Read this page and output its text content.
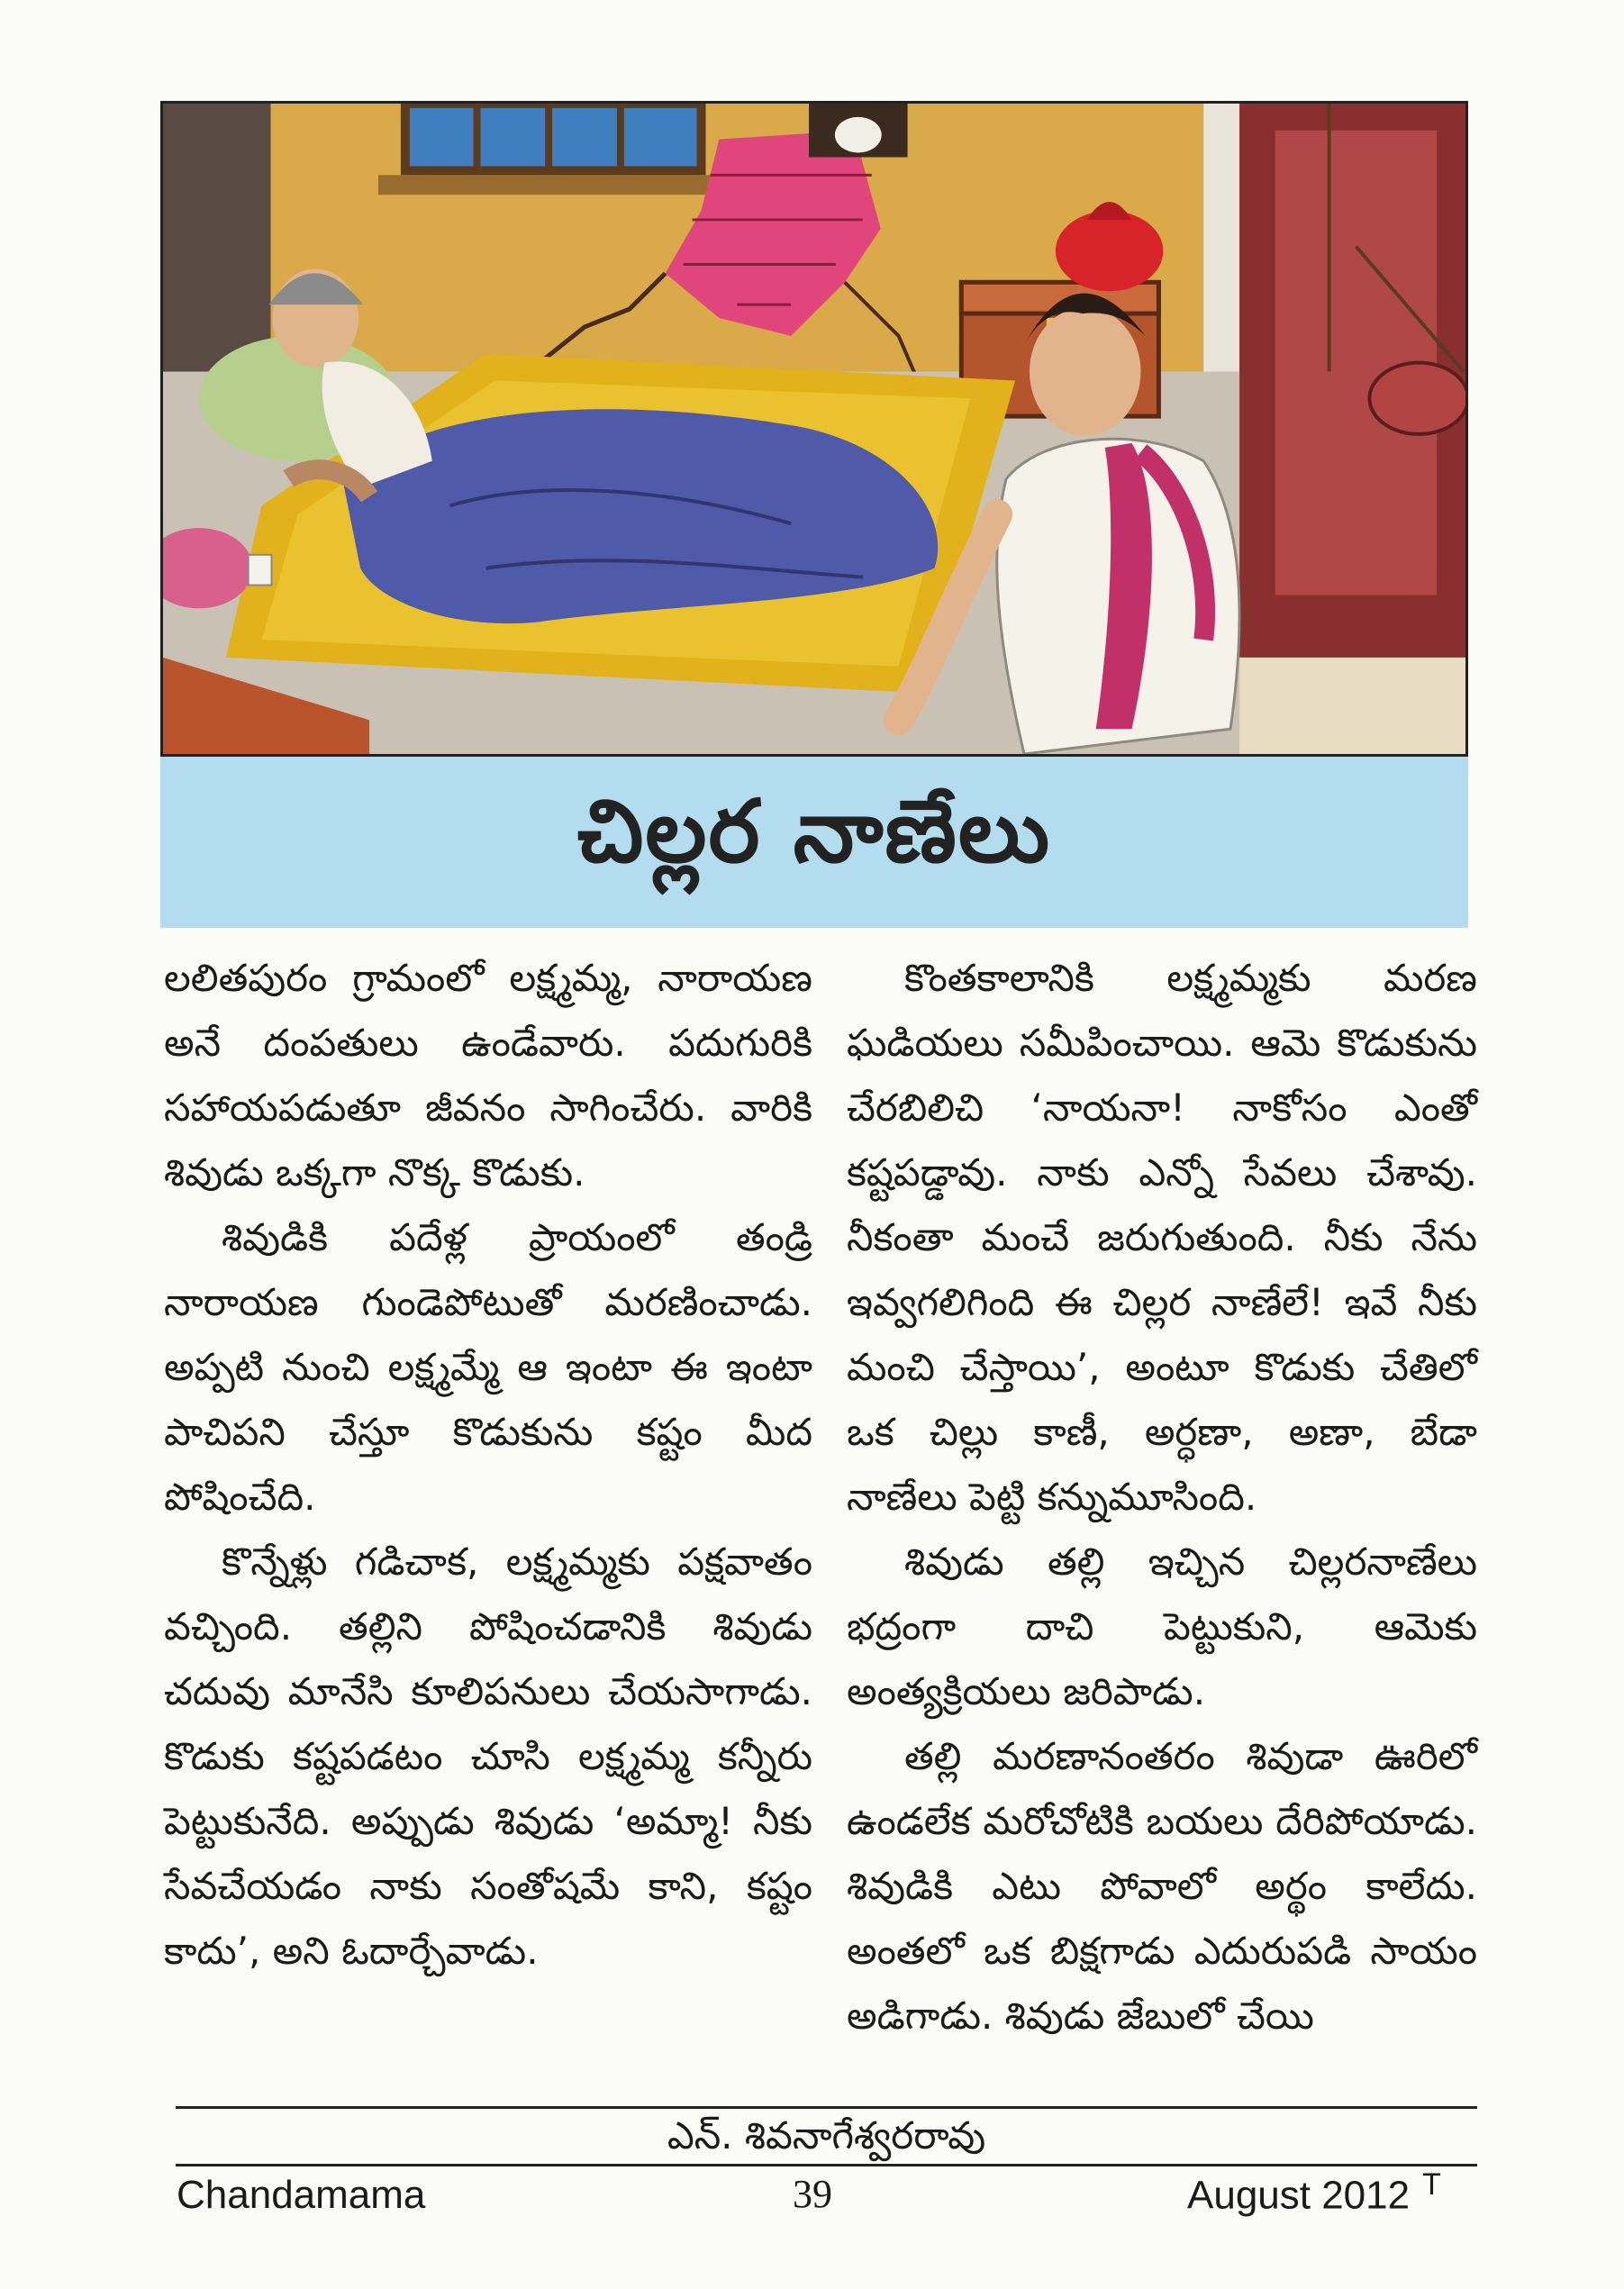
చిల్లర నాణేలు

లలితపురం గ్రామంలో లక్ష్మమ్మ, నారాయణ అనే దంపతులు ఉండేవారు. పదుగురికి సహాయపడుతూ జీవనం సాగించేరు. వారికి శివుడు ఒక్కగా నొక్క కొడుకు.

శివుడికి పదేళ్ల ప్రాయంలో తండ్రి నారాయణ గుండెపోటుతో మరణించాడు. అప్పటి నుంచి లక్ష్మమ్మే ఆ ఇంటా ఈ ఇంటా పాచిపని చేస్తూ కొడుకును కష్టం మీద పోషించేది.

కొన్నేళ్లు గడిచాక, లక్ష్మమ్మకు పక్షవాతం వచ్చింది. తల్లిని పోషించడానికి శివుడు చదువు మానేసి కూలిపనులు చేయసాగాడు. కొడుకు కష్టపడటం చూసి లక్ష్మమ్మ కన్నీరు పెట్టుకునేది. అప్పుడు శివుడు ‘అమ్మా! నీకు సేవచేయడం నాకు సంతోషమే కాని, కష్టం కాదు’, అని ఓదార్చేవాడు.

కొంతకాలానికి లక్ష్మమ్మకు మరణ ఘడియలు సమీపించాయి. ఆమె కొడుకును చేరబిలిచి ‘నాయనా! నాకోసం ఎంతో కష్టపడ్డావు. నాకు ఎన్నో సేవలు చేశావు. నీకంతా మంచే జరుగుతుంది. నీకు నేను ఇవ్వగలిగింది ఈ చిల్లర నాణేలే! ఇవే నీకు మంచి చేస్తాయి’, అంటూ కొడుకు చేతిలో ఒక చిల్లు కాణీ, అర్ధణా, అణా, బేడా నాణేలు పెట్టి కన్నుమూసింది.

శివుడు తల్లి ఇచ్చిన చిల్లరనాణేలు భద్రంగా దాచి పెట్టుకుని, ఆమెకు అంత్యక్రియలు జరిపాడు.

తల్లి మరణానంతరం శివుడా ఊరిలో ఉండలేక మరోచోటికి బయలు దేరిపోయాడు. శివుడికి ఎటు పోవాలో అర్థం కాలేదు. అంతలో ఒక బిక్షగాడు ఎదురుపడి సాయం అడిగాడు. శివుడు జేబులో చేయి

ఎన్. శివనాగేశ్వరరావు
Chandamama	39	August 2012 $^T$
